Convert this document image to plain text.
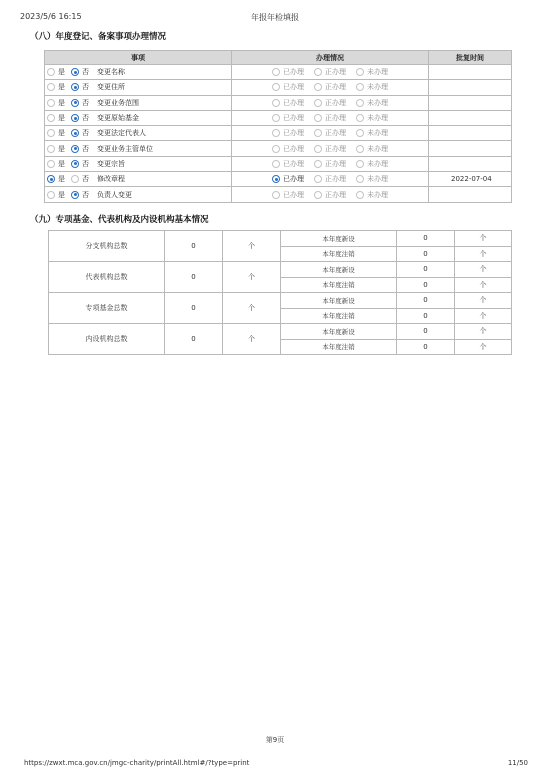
2023/5/6 16:15	年报年检填报
（八）年度登记、备案事项办理情况
事项	办理情况	批复时间

是 否 变更名称	已办理 正办理 未办理	

是 否 变更住所	已办理 正办理 未办理	

是 否 变更业务范围	已办理 正办理 未办理	

是 否 变更原始基金	已办理 正办理 未办理	

是 否 变更法定代表人	已办理 正办理 未办理	

是 否 变更业务主管单位	已办理 正办理 未办理	

是 否 变更宗旨	已办理 正办理 未办理	

是 否 修改章程	已办理 正办理 未办理	2022-07-04

是 否 负责人变更	已办理 正办理 未办理	

（九）专项基金、代表机构及内设机构基本情况
分支机构总数	0	个	本年度新设	0	个
			本年度注销	0	个
代表机构总数	0	个	本年度新设	0	个
			本年度注销	0	个
专项基金总数	0	个	本年度新设	0	个
			本年度注销	0	个
内设机构总数	0	个	本年度新设	0	个
			本年度注销	0	个
第9页
https://zwxt.mca.gov.cn/jmgc-charity/printAll.html#/?type=print	11/50
